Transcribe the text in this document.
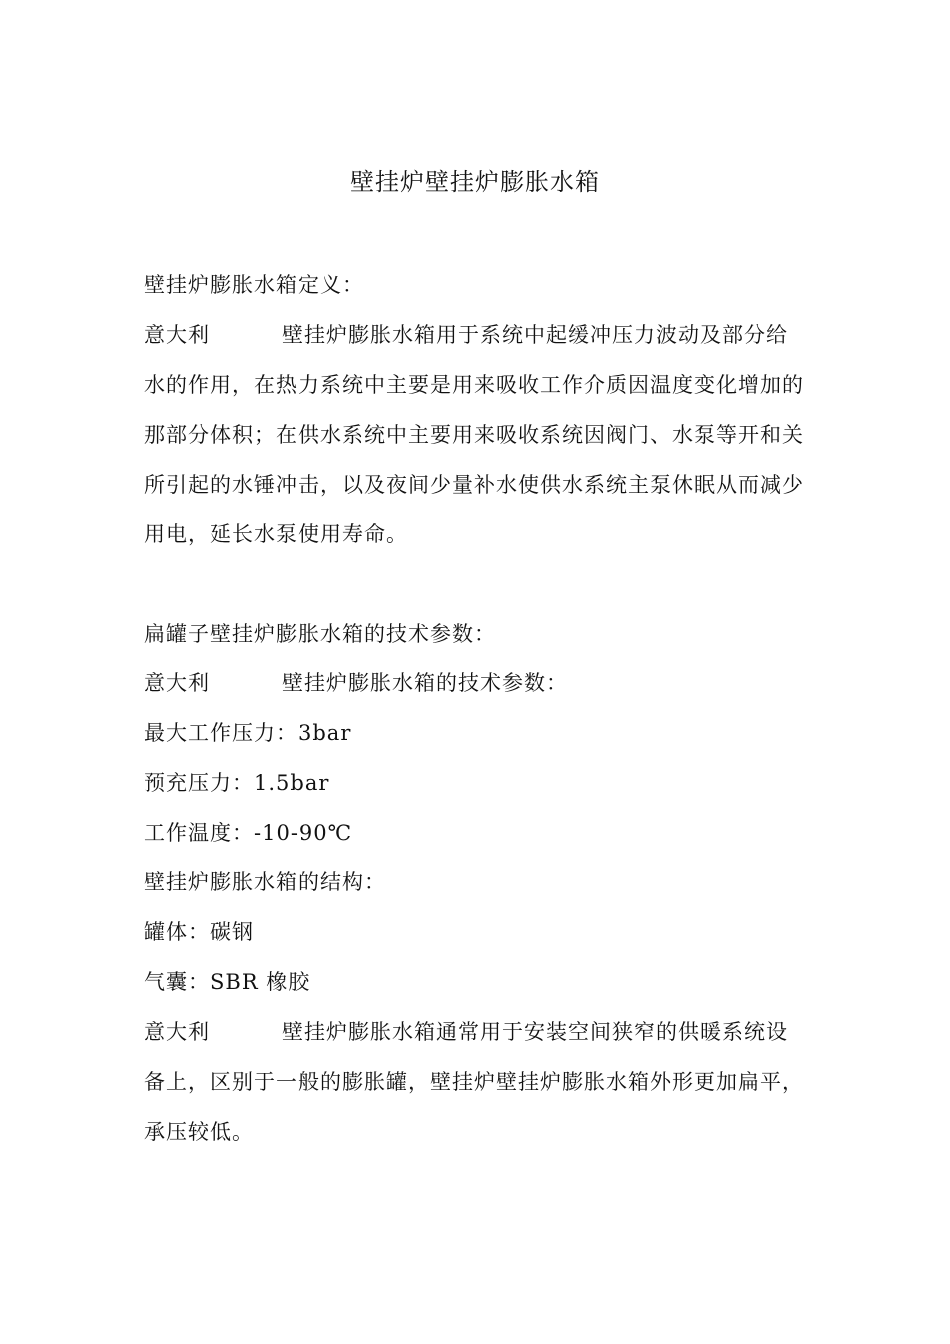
壁挂炉壁挂炉膨胀水箱
壁挂炉膨胀水箱定义：
意大利	壁挂炉膨胀水箱用于系统中起缓冲压力波动及部分给
水的作用，在热力系统中主要是用来吸收工作介质因温度变化增加的
那部分体积；在供水系统中主要用来吸收系统因阀门、水泵等开和关
所引起的水锤冲击，以及夜间少量补水使供水系统主泵休眠从而减少
用电，延长水泵使用寿命。
扁罐子壁挂炉膨胀水箱的技术参数：
意大利	壁挂炉膨胀水箱的技术参数：
最大工作压力：3bar
预充压力：1.5bar
工作温度：-10-90℃
壁挂炉膨胀水箱的结构：
罐体：碳钢
气囊：SBR 橡胶
意大利	壁挂炉膨胀水箱通常用于安装空间狭窄的供暖系统设
备上，区别于一般的膨胀罐，壁挂炉壁挂炉膨胀水箱外形更加扁平，
承压较低。
